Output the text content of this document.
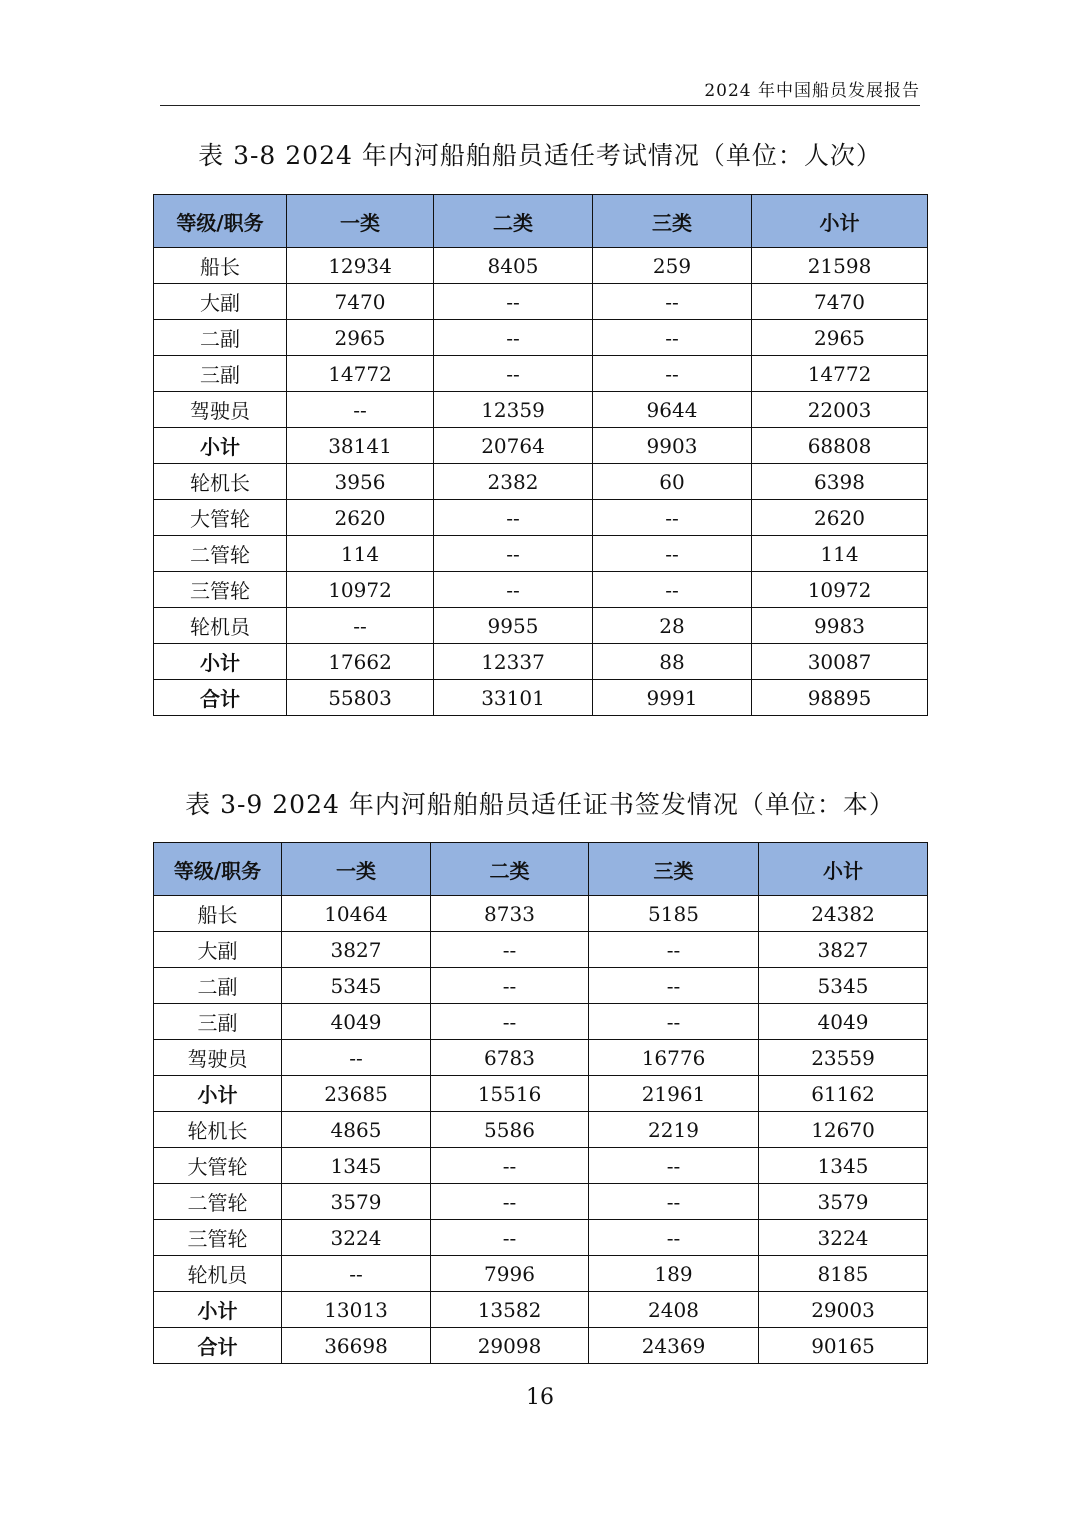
2024 年中国船员发展报告
表 3-8 2024 年内河船舶船员适任考试情况（单位：人次）
等级/职务	一类	二类	三类	小计
船长	12934	8405	259	21598
大副	7470	--	--	7470
二副	2965	--	--	2965
三副	14772	--	--	14772
驾驶员	--	12359	9644	22003
小计	38141	20764	9903	68808
轮机长	3956	2382	60	6398
大管轮	2620	--	--	2620
二管轮	114	--	--	114
三管轮	10972	--	--	10972
轮机员	--	9955	28	9983
小计	17662	12337	88	30087
合计	55803	33101	9991	98895
表 3-9 2024 年内河船舶船员适任证书签发情况（单位：本）
等级/职务	一类	二类	三类	小计
船长	10464	8733	5185	24382
大副	3827	--	--	3827
二副	5345	--	--	5345
三副	4049	--	--	4049
驾驶员	--	6783	16776	23559
小计	23685	15516	21961	61162
轮机长	4865	5586	2219	12670
大管轮	1345	--	--	1345
二管轮	3579	--	--	3579
三管轮	3224	--	--	3224
轮机员	--	7996	189	8185
小计	13013	13582	2408	29003
合计	36698	29098	24369	90165
16
